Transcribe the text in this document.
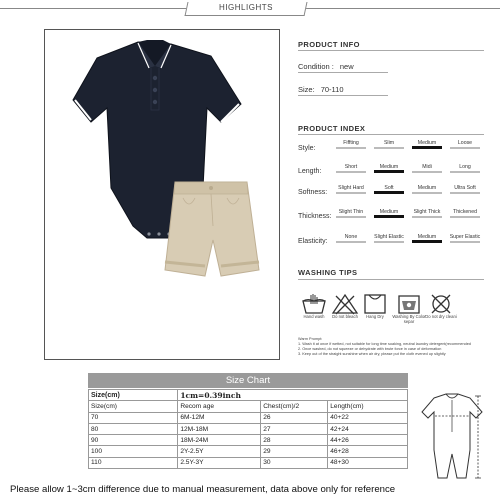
HIGHLIGHTS
PRODUCT INFO
Condition : new
Size: 70-110
PRODUCT INDEX
Style:
Fiffting	Slim	Medium	Loose
Length:
Short	Medium	Midi	Long
Softness:
Slight Hard	Soft	Medium	Ultra Soft
Thickness:
Slight Thin	Medium	Slight Thick	Thickened
Elasticity:
None	Slight Elastic	Medium	Super Elastic
WASHING TIPS
Hand wash	Do not bleach	Hang Dry	Washing By Color separ
Do not dry cleani
Warm Prompt:
1. Wash it at once if wetted, not suitable for long time soaking, neutral laundry detergent(recommended
2. Once washed, do not squeeze or dehydrate with brute force in case of deformation
3. Keep out of the straight sunshine when air dry, please put the cloth evened up slightly
Size Chart
Size(cm)	1cm=0.39inch		
Size(cm)	Recom age	Chest(cm)/2	Length(cm)
70	6M-12M	26	40+22
80	12M-18M	27	42+24
90	18M-24M	28	44+26
100	2Y-2.5Y	29	46+28
110	2.5Y-3Y	30	48+30
Please allow 1~3cm difference due to manual measurement, data above only for reference
